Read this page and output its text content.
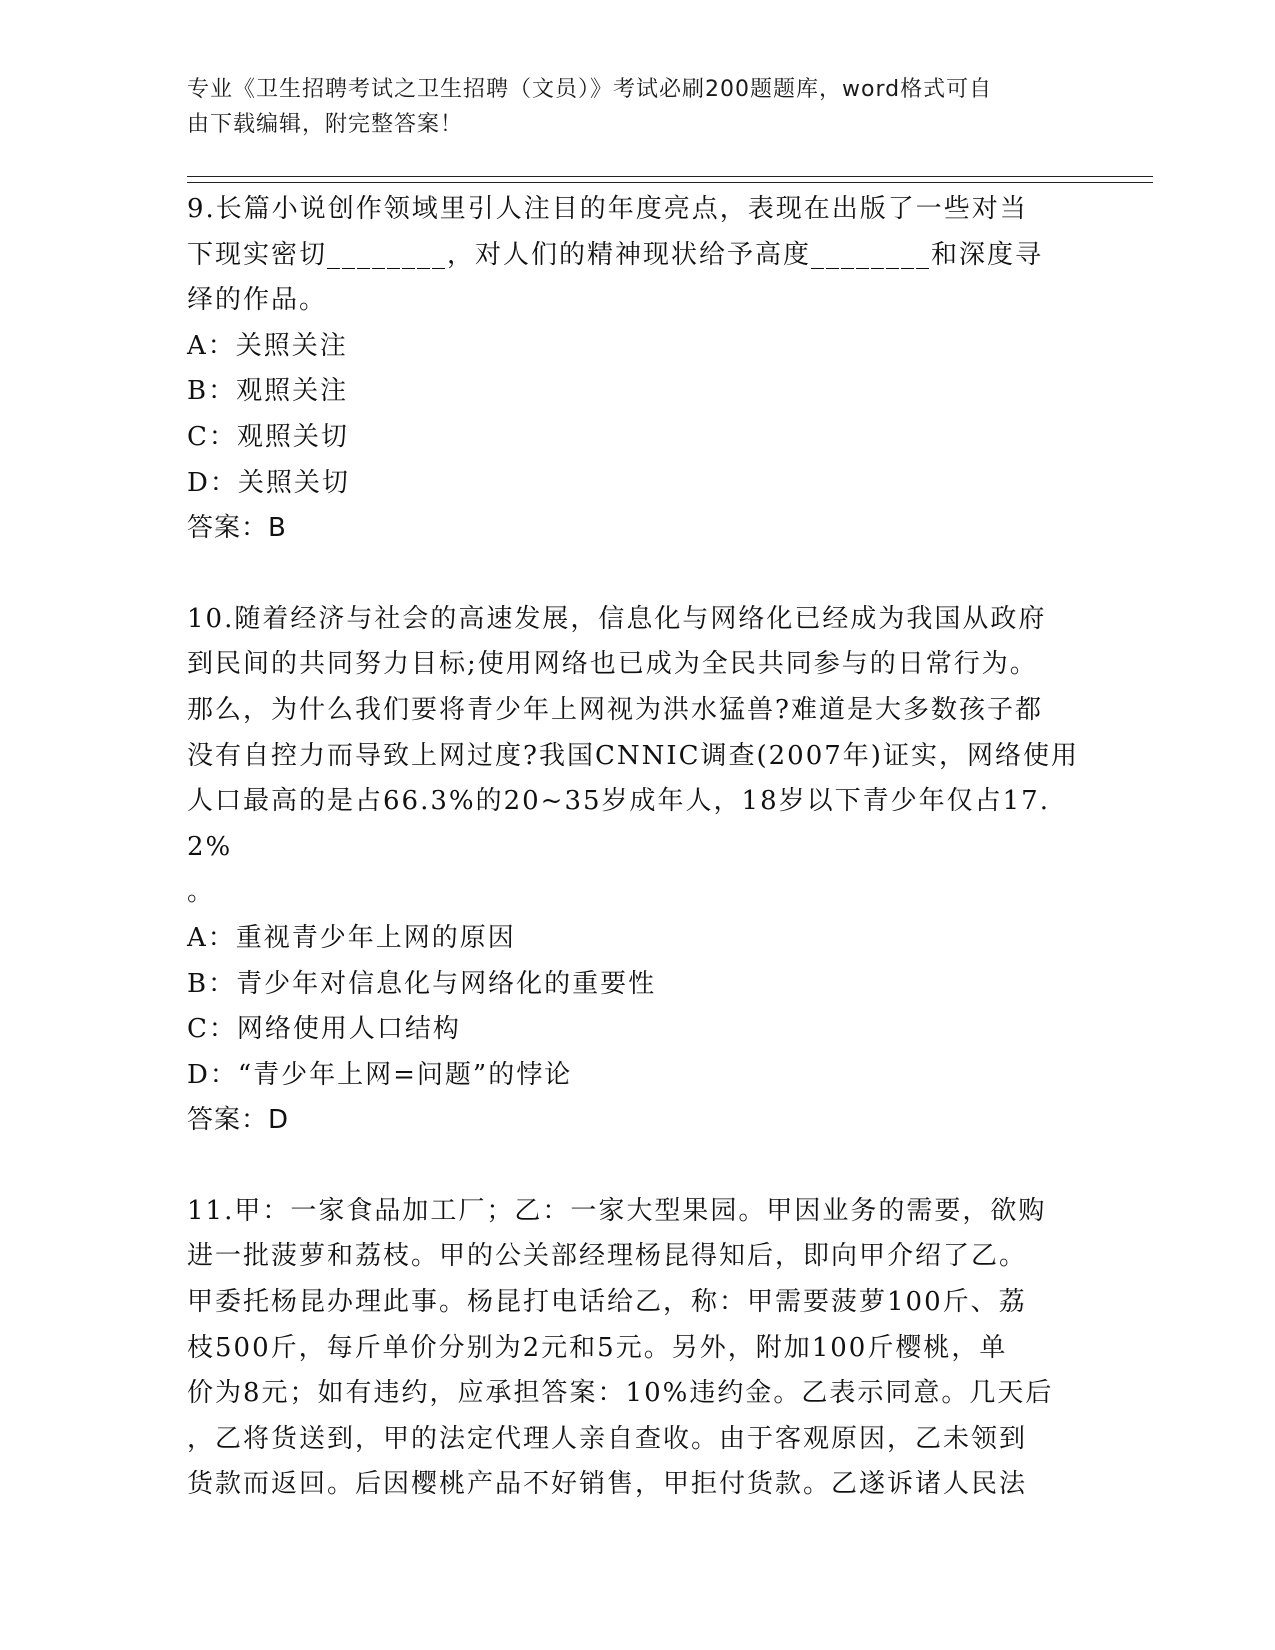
专业《卫生招聘考试之卫生招聘（文员）》考试必刷200题题库，word格式可自
由下载编辑，附完整答案！

9.长篇小说创作领域里引人注目的年度亮点，表现在出版了一些对当

下现实密切________，对人们的精神现状给予高度________和深度寻

绎的作品。

A：关照关注

B：观照关注

C：观照关切

D：关照关切

答案：B

10.随着经济与社会的高速发展，信息化与网络化已经成为我国从政府

到民间的共同努力目标;使用网络也已成为全民共同参与的日常行为。

那么，为什么我们要将青少年上网视为洪水猛兽?难道是大多数孩子都

没有自控力而导致上网过度?我国CNNIC调查(2007年)证实，网络使用

人口最高的是占66.3%的20~35岁成年人，18岁以下青少年仅占17.2%

。

A：重视青少年上网的原因

B：青少年对信息化与网络化的重要性

C：网络使用人口结构

D：“青少年上网=问题”的悖论

答案：D

11.甲：一家食品加工厂；乙：一家大型果园。甲因业务的需要，欲购

进一批菠萝和荔枝。甲的公关部经理杨昆得知后，即向甲介绍了乙。

甲委托杨昆办理此事。杨昆打电话给乙，称：甲需要菠萝100斤、荔

枝500斤，每斤单价分别为2元和5元。另外，附加100斤樱桃，单

价为8元；如有违约，应承担答案：10%违约金。乙表示同意。几天后

，乙将货送到，甲的法定代理人亲自查收。由于客观原因，乙未领到

货款而返回。后因樱桃产品不好销售，甲拒付货款。乙遂诉诸人民法
